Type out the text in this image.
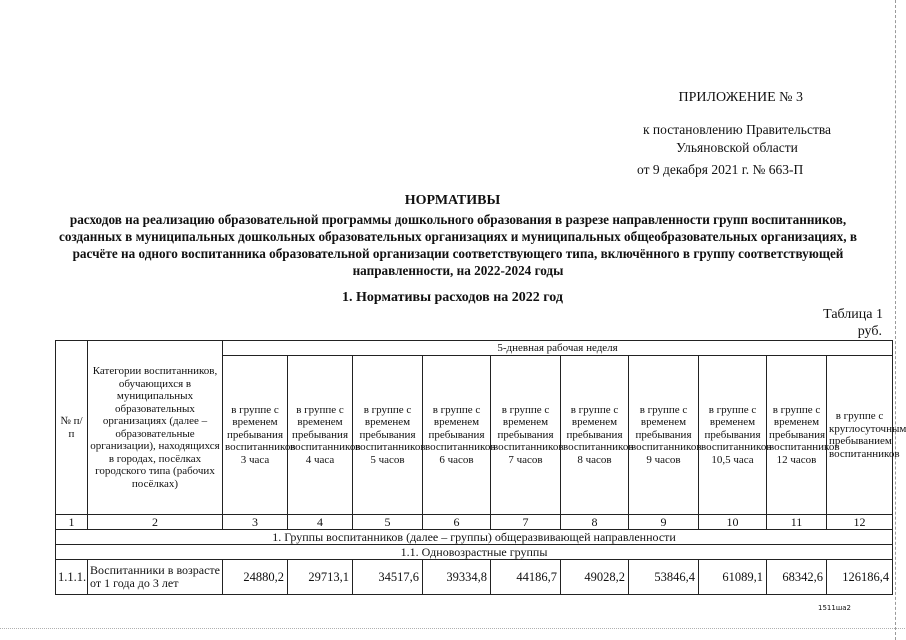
ПРИЛОЖЕНИЕ № 3
к постановлению Правительства
Ульяновской области
от 9 декабря 2021 г. № 663-П
НОРМАТИВЫ
расходов на реализацию образовательной программы дошкольного образования в разрезе направленности групп воспитанников, созданных в муниципальных дошкольных образовательных организациях и муниципальных общеобразовательных организациях, в расчёте на одного воспитанника образовательной организации соответствующего типа, включённого в группу соответствующей направленности, на 2022-2024 годы
1. Нормативы расходов на 2022 год
Таблица 1
руб.
№ п/п	Категории воспитанников, обучающихся в муниципальных образовательных организациях (далее – образовательные организации), находящихся в городах, посёлках городского типа (рабочих посёлках)	5-дневная рабочая неделя									
		в группе с временем пребывания воспитанников 3 часа	в группе с временем пребывания воспитанников 4 часа	в группе с временем пребывания воспитанников 5 часов	в группе с временем пребывания воспитанников 6 часов	в группе с временем пребывания воспитанников 7 часов	в группе с временем пребывания воспитанников 8 часов	в группе с временем пребывания воспитанников 9 часов	в группе с временем пребывания воспитанников 10,5 часа	в группе с временем пребывания воспитанников 12 часов	в группе с круглосуточным пребыванием воспитанников
1	2	3	4	5	6	7	8	9	10	11	12
1. Группы воспитанников (далее – группы) общеразвивающей направленности											
1.1. Одновозрастные группы											
1.1.1.	Воспитанники в возрасте от 1 года до 3 лет	24880,2	29713,1	34517,6	39334,8	44186,7	49028,2	53846,4	61089,1	68342,6	126186,4
1511ша2
